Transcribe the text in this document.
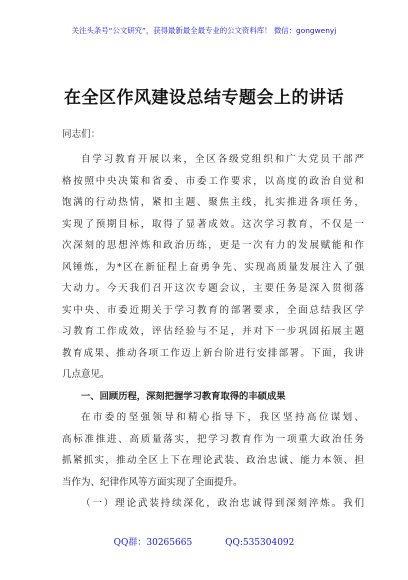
关注头条号“公文研究”，获得最新最全最专业的公文资料库！ 微信：gongwenyj
在全区作风建设总结专题会上的讲话
同志们：
自学习教育开展以来，全区各级党组织和广大党员干部严
格按照中央决策和省委、市委工作要求，以高度的政治自觉和
饱满的行动热情，紧扣主题、聚焦主线，扎实推进各项任务，
实现了预期目标，取得了显著成效。这次学习教育，不仅是一
次深刻的思想淬炼和政治历练，更是一次有力的发展赋能和作
风锤炼，为*区在新征程上奋勇争先、实现高质量发展注入了强
大动力。今天我们召开这次专题会议，主要任务是深入贯彻落
实中央、市委近期关于学习教育的部署要求，全面总结我区学
习教育工作成效，评估经验与不足，并对下一步巩固拓展主题
教育成果、推动各项工作迈上新台阶进行安排部署。下面，我讲
几点意见。
一、回顾历程，深刻把握学习教育取得的丰硕成果
在市委的坚强领导和精心指导下，我区坚持高位谋划、
高标准推进、高质量落实，把学习教育作为一项重大政治任务
抓紧抓实，推动全区上下在理论武装、政治忠诚、能力本领、担
当作为、纪律作风等方面实现了全面提升。
（一）理论武装持续深化，政治忠诚得到深刻淬炼。我们
QQ群：30265665	QQ:535304092
